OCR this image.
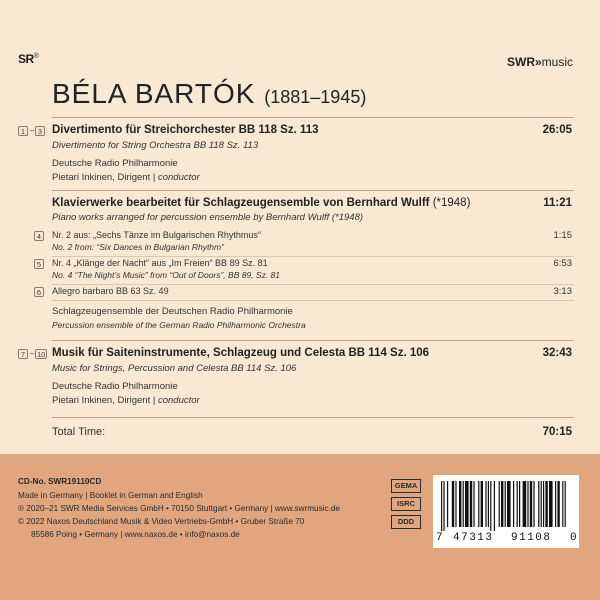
SR®	SWR»music
BÉLA BARTÓK (1881–1945)
1 – 3 Divertimento für Streichorchester BB 118 Sz. 113	26:05
Divertimento for String Orchestra BB 118 Sz. 113
Deutsche Radio Philharmonie
Pietari Inkinen, Dirigent | conductor
Klavierwerke bearbeitet für Schlagzeugensemble von Bernhard Wulff (*1948)	11:21
Piano works arranged for percussion ensemble by Bernhard Wulff (*1948)
4	Nr. 2 aus: „Sechs Tänze im Bulgarischen Rhythmus“	1:15
No. 2 from: “Six Dances in Bulgarian Rhythm”
5	Nr. 4 „Klänge der Nacht“ aus „Im Freien“ BB 89 Sz. 81	6:53
No. 4 “The Night’s Music” from “Out of Doors”, BB 89, Sz. 81
6	Allegro barbaro BB 63 Sz. 49	3:13
Schlagzeugensemble der Deutschen Radio Philharmonie
Percussion ensemble of the German Radio Philharmonic Orchestra
7 – 10 Musik für Saiteninstrumente, Schlagzeug und Celesta BB 114 Sz. 106	32:43
Music for Strings, Percussion and Celesta BB 114 Sz. 106
Deutsche Radio Philharmonie
Pietari Inkinen, Dirigent | conductor
Total Time:	70:15
CD-No. SWR19110CD
Made in Germany | Booklet in German and English
℗ 2020–21 SWR Media Services GmbH • 70150 Stuttgart • Germany | www.swrmusic.de
© 2022 Naxos Deutschland Musik & Video Vertriebs-GmbH • Gruber Straße 70
85586 Poing • Germany | www.naxos.de • info@naxos.de
GEMA
ISRC
DDD
7 47313 91108 0
